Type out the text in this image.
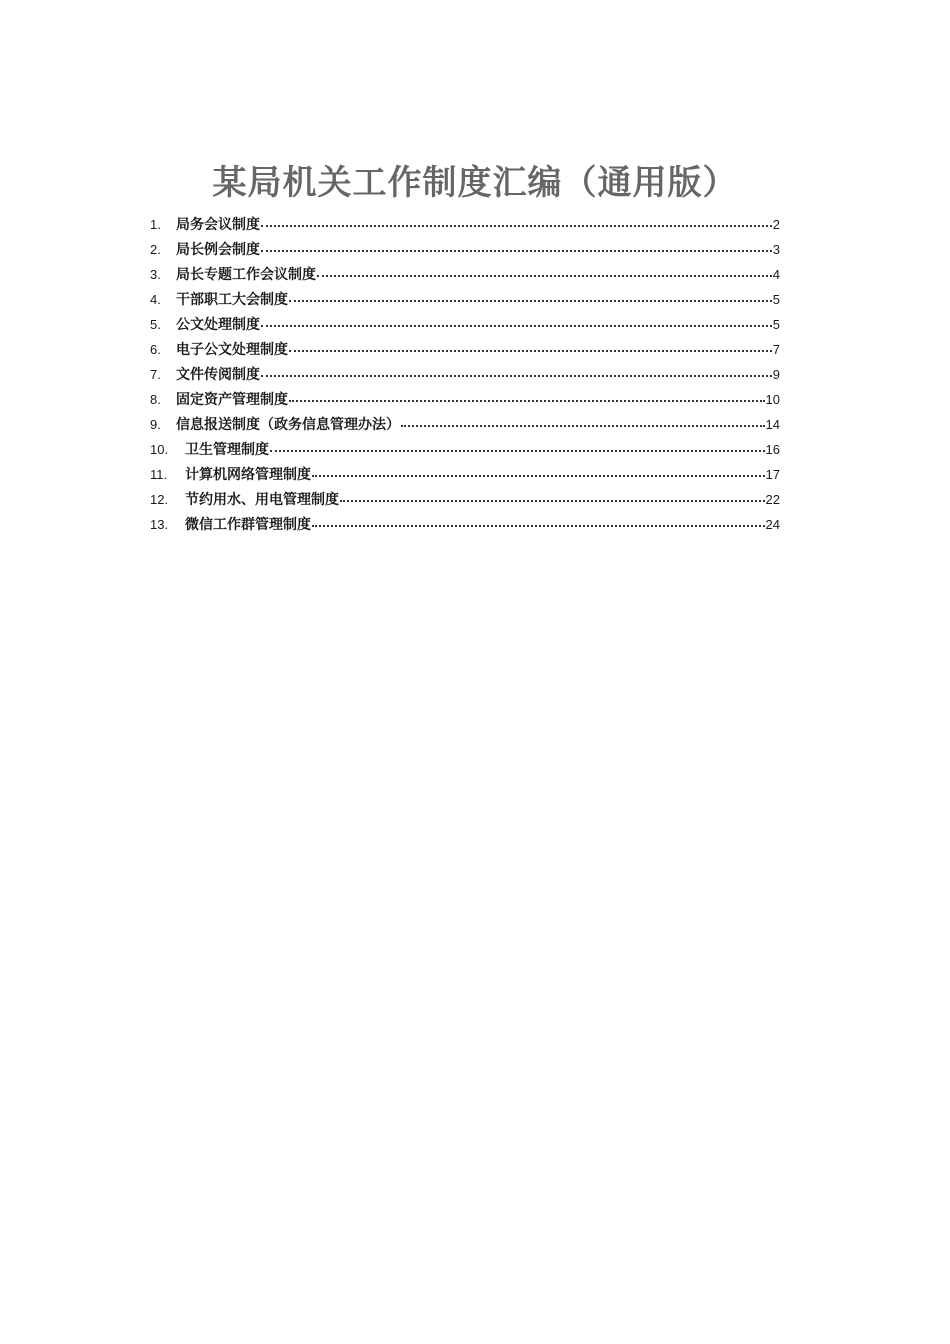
某局机关工作制度汇编（通用版）
1.	局务会议制度	2
2.	局长例会制度	3
3.	局长专题工作会议制度	4
4.	干部职工大会制度	5
5.	公文处理制度	5
6.	电子公文处理制度	7
7.	文件传阅制度	9
8.	固定资产管理制度	10
9.	信息报送制度（政务信息管理办法）	14
10.	卫生管理制度	16
11.	计算机网络管理制度	17
12.	节约用水、用电管理制度	22
13.	微信工作群管理制度	24
